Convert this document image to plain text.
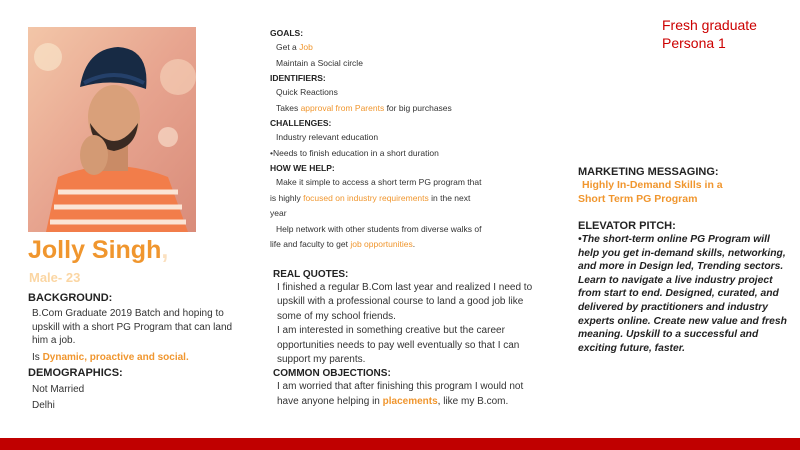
Fresh graduate
Persona 1
Jolly Singh,
Male- 23
BACKGROUND:

B.Com Graduate 2019 Batch and hoping to upskill with a short PG Program that can land him a job.

Is Dynamic, proactive and social.

DEMOGRAPHICS:

Not Married

Delhi

GOALS:

Get a Job

Maintain a Social circle

IDENTIFIERS:

Quick Reactions

Takes approval from Parents for big purchases

CHALLENGES:

Industry relevant education

•Needs to finish education in a short duration

HOW WE HELP:

Make it simple to access a short term PG program that

is highly focused on industry requirements in the next

year

Help network with other students from diverse walks of

life and faculty to get job opportunities.

REAL QUOTES:

I finished a regular B.Com last year and realized I need to upskill with a professional course to land a good job like some of my school friends.

I am interested in something creative but the career opportunities needs to pay well eventually so that I can support my parents.

COMMON OBJECTIONS:

I am worried that after finishing this program I would not have anyone helping in placements, like my B.com.

MARKETING MESSAGING:

Highly In-Demand Skills in a

Short Term PG Program

ELEVATOR PITCH:

•The short-term online PG Program will help you get in-demand skills, networking, and more in Design led, Trending sectors. Learn to navigate a live industry project from start to end. Designed, curated, and delivered by practitioners and industry experts online. Create new value and fresh meaning. Upskill to a successful and exciting future, faster.
